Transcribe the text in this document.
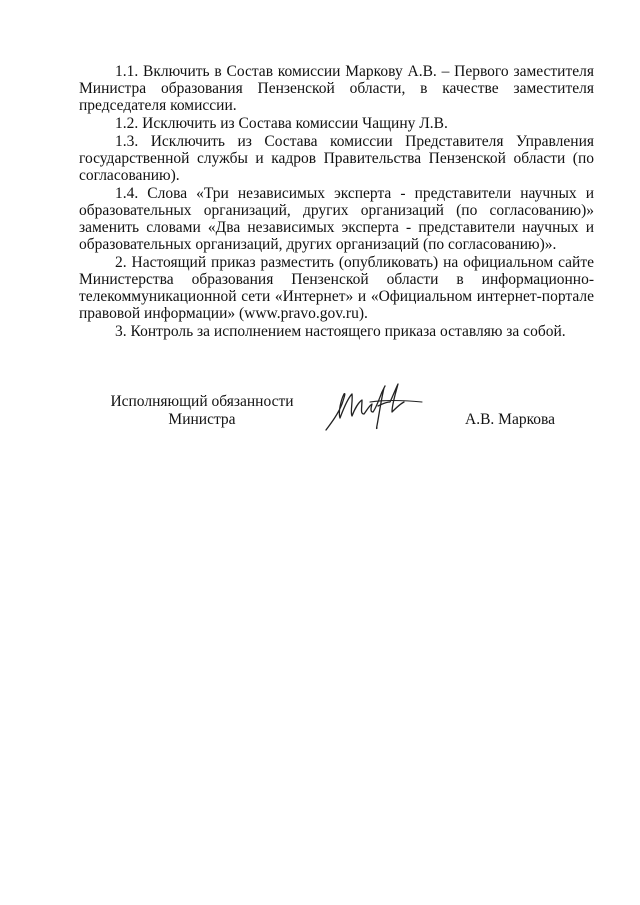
1.1. Включить в Состав комиссии Маркову А.В. – Первого заместителя Министра образования Пензенской области, в качестве заместителя председателя комиссии.

1.2. Исключить из Состава комиссии Чащину Л.В.

1.3. Исключить из Состава комиссии Представителя Управления государственной службы и кадров Правительства Пензенской области (по согласованию).

1.4. Слова «Три независимых эксперта - представители научных и образовательных организаций, других организаций (по согласованию)» заменить словами «Два независимых эксперта - представители научных и образовательных организаций, других организаций (по согласованию)».

2. Настоящий приказ разместить (опубликовать) на официальном сайте Министерства образования Пензенской области в информационно-телекоммуникационной сети «Интернет» и «Официальном интернет-портале правовой информации» (www.pravo.gov.ru).

3. Контроль за исполнением настоящего приказа оставляю за собой.

Исполняющий обязанности
Министра	А.В. Маркова
